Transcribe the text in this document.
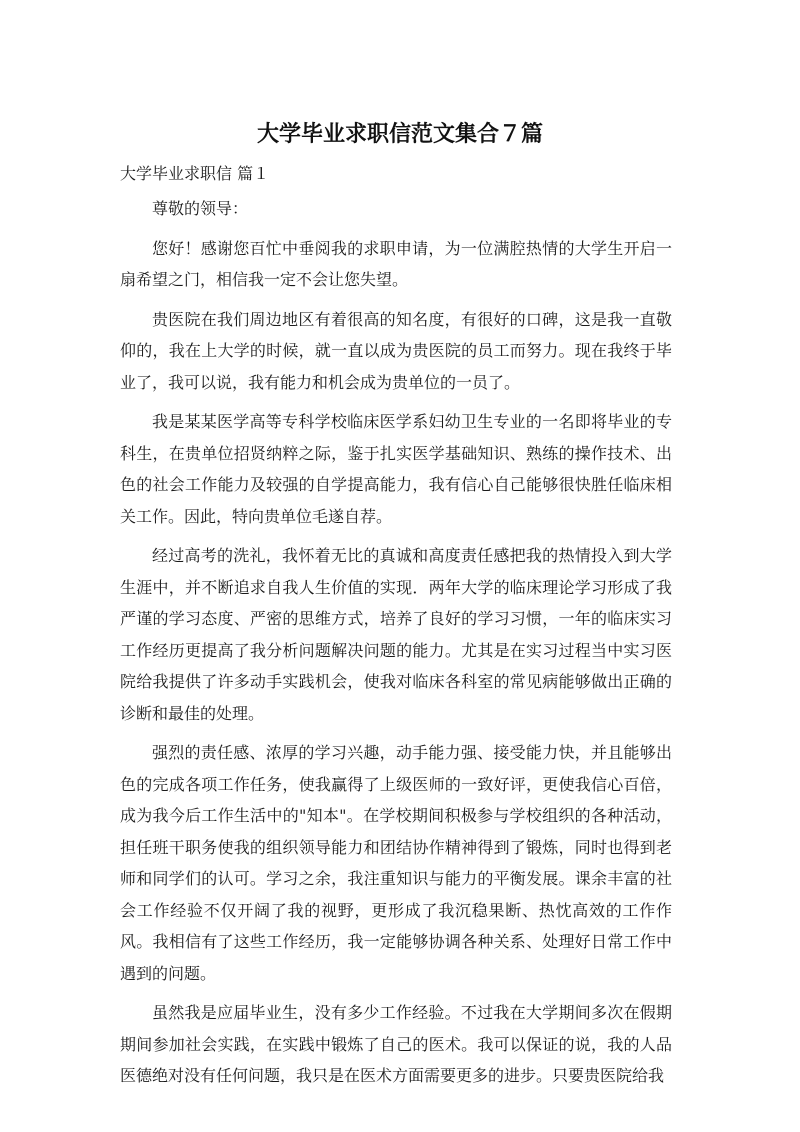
大学毕业求职信范文集合７篇

大学毕业求职信 篇１

尊敬的领导：

您好！感谢您百忙中垂阅我的求职申请，为一位满腔热情的大学生开启一扇希望之门，相信我一定不会让您失望。

贵医院在我们周边地区有着很高的知名度，有很好的口碑，这是我一直敬仰的，我在上大学的时候，就一直以成为贵医院的员工而努力。现在我终于毕业了，我可以说，我有能力和机会成为贵单位的一员了。

我是某某医学高等专科学校临床医学系妇幼卫生专业的一名即将毕业的专科生，在贵单位招贤纳粹之际，鉴于扎实医学基础知识、熟练的操作技术、出色的社会工作能力及较强的自学提高能力，我有信心自己能够很快胜任临床相关工作。因此，特向贵单位毛遂自荐。

经过高考的洗礼，我怀着无比的真诚和高度责任感把我的热情投入到大学生涯中，并不断追求自我人生价值的实现．两年大学的临床理论学习形成了我严谨的学习态度、严密的思维方式，培养了良好的学习习惯，一年的临床实习工作经历更提高了我分析问题解决问题的能力。尤其是在实习过程当中实习医院给我提供了许多动手实践机会，使我对临床各科室的常见病能够做出正确的诊断和最佳的处理。

强烈的责任感、浓厚的学习兴趣，动手能力强、接受能力快，并且能够出色的完成各项工作任务，使我赢得了上级医师的一致好评，更使我信心百倍，成为我今后工作生活中的"知本"。在学校期间积极参与学校组织的各种活动，担任班干职务使我的组织领导能力和团结协作精神得到了锻炼，同时也得到老师和同学们的认可。学习之余，我注重知识与能力的平衡发展。课余丰富的社会工作经验不仅开阔了我的视野，更形成了我沉稳果断、热忱高效的工作作风。我相信有了这些工作经历，我一定能够协调各种关系、处理好日常工作中遇到的问题。

虽然我是应届毕业生，没有多少工作经验。不过我在大学期间多次在假期期间参加社会实践，在实践中锻炼了自己的医术。我可以保证的说，我的人品医德绝对没有任何问题，我只是在医术方面需要更多的进步。只要贵医院给我
